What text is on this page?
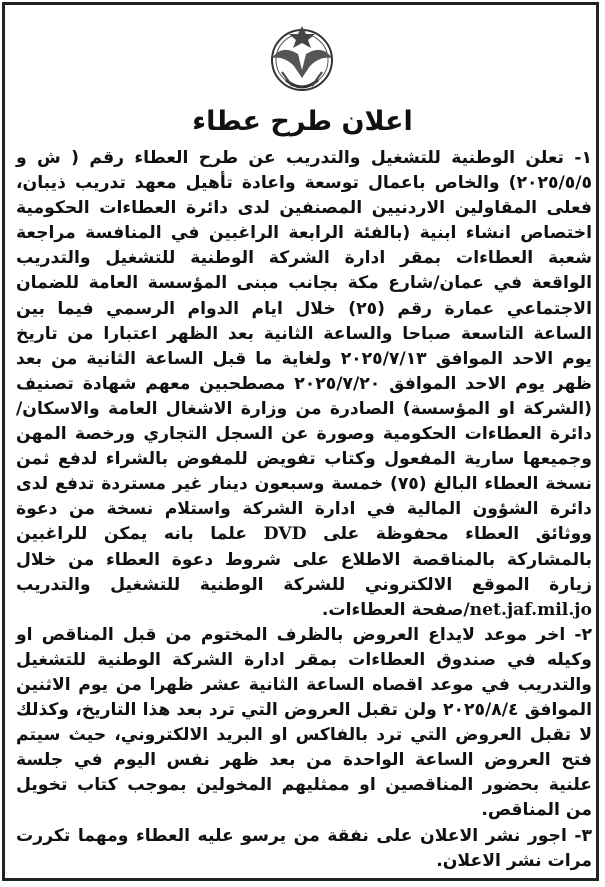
اعلان طرح عطاء

١- تعلن الوطنية للتشغيل والتدريب عن طرح العطاء رقم ( ش و ٢٠٢٥/٥/٥) والخاص باعمال توسعة واعادة تأهيل معهد تدريب ذيبان، فعلى المقاولين الاردنيين المصنفين لدى دائرة العطاءات الحكومية اختصاص انشاء ابنية (بالفئة الرابعة الراغبين في المنافسة مراجعة شعبة العطاءات بمقر ادارة الشركة الوطنية للتشغيل والتدريب الواقعة في عمان/شارع مكة بجانب مبنى المؤسسة العامة للضمان الاجتماعي عمارة رقم (٢٥) خلال ايام الدوام الرسمي فيما بين الساعة التاسعة صباحا والساعة الثانية بعد الظهر اعتبارا من تاريخ يوم الاحد الموافق ٢٠٢٥/٧/١٣ ولغاية ما قبل الساعة الثانية من بعد ظهر يوم الاحد الموافق ٢٠٢٥/٧/٢٠ مصطحبين معهم شهادة تصنيف (الشركة او المؤسسة) الصادرة من وزارة الاشغال العامة والاسكان/دائرة العطاءات الحكومية وصورة عن السجل التجاري ورخصة المهن وجميعها سارية المفعول وكتاب تفويض للمفوض بالشراء لدفع ثمن نسخة العطاء البالغ (٧٥) خمسة وسبعون دينار غير مستردة تدفع لدى دائرة الشؤون المالية في ادارة الشركة واستلام نسخة من دعوة ووثائق العطاء محفوظة على DVD علما بانه يمكن للراغبين بالمشاركة بالمناقصة الاطلاع على شروط دعوة العطاء من خلال زيارة الموقع الالكتروني للشركة الوطنية للتشغيل والتدريب net.jaf.mil.jo/صفحة العطاءات.

٢- اخر موعد لايداع العروض بالظرف المختوم من قبل المناقص او وكيله في صندوق العطاءات بمقر ادارة الشركة الوطنية للتشغيل والتدريب في موعد اقصاه الساعة الثانية عشر ظهرا من يوم الاثنين الموافق ٢٠٢٥/٨/٤ ولن تقبل العروض التي ترد بعد هذا التاريخ، وكذلك لا تقبل العروض التي ترد بالفاكس او البريد الالكتروني، حيث سيتم فتح العروض الساعة الواحدة من بعد ظهر نفس اليوم في جلسة علنية بحضور المناقصين او ممثليهم المخولين بموجب كتاب تخويل من المناقص.

٣- اجور نشر الاعلان على نفقة من يرسو عليه العطاء ومهما تكررت مرات نشر الاعلان.
